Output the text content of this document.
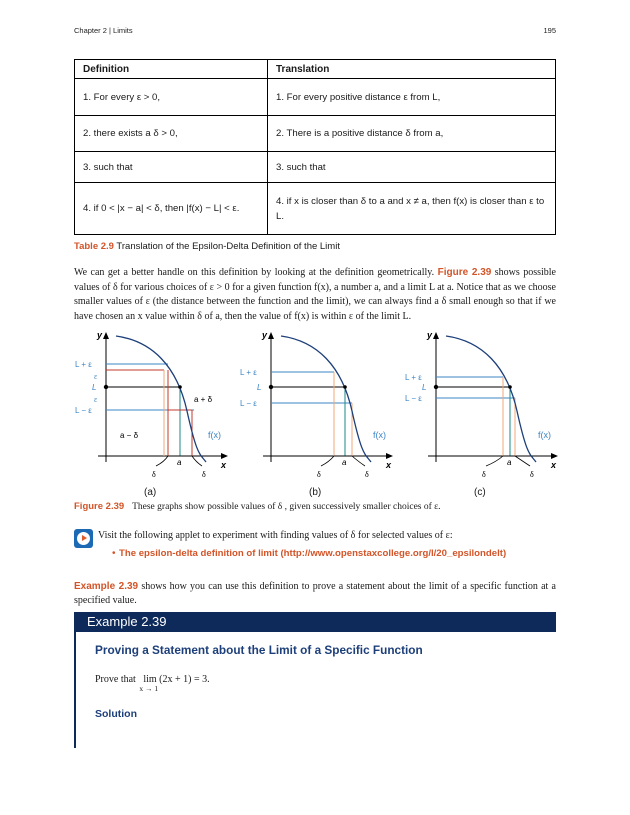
Chapter 2 | Limits	195
Definition	Translation
1. For every ε > 0,	1. For every positive distance ε from L,
2. there exists a δ > 0,	2. There is a positive distance δ from a,
3. such that	3. such that
4. if 0 < |x − a| < δ, then |f(x) − L| < ε.	4. if x is closer than δ to a and x ≠ a, then f(x) is closer than ε to L.
Table 2.9 Translation of the Epsilon-Delta Definition of the Limit
We can get a better handle on this definition by looking at the definition geometrically. Figure 2.39 shows possible values of δ for various choices of ε > 0 for a given function f(x), a number a, and a limit L at a. Notice that as we choose smaller values of ε (the distance between the function and the limit), we can always find a δ small enough so that if we have chosen an x value within δ of a, then the value of f(x) is within ε of the limit L.
y
x
L + ε
ε
L
ε
L − ε
a + δ
a − δ	f(x)
a
δ	δ
y
x
L + ε
L
L − ε
f(x)
a
δ	δ
y
x
L + ε
L
L − ε
f(x)
a
δ	δ
(a)	(b)	(c)
Figure 2.39 These graphs show possible values of δ , given successively smaller choices of ε.
Visit the following applet to experiment with finding values of δ for selected values of ε:
• The epsilon-delta definition of limit (http://www.openstaxcollege.org/l/20_epsilondelt)
Example 2.39 shows how you can use this definition to prove a statement about the limit of a specific function at a specified value.
Example 2.39
Proving a Statement about the Limit of a Specific Function
Prove that lim
x → 1
(2x + 1) = 3.
Solution
